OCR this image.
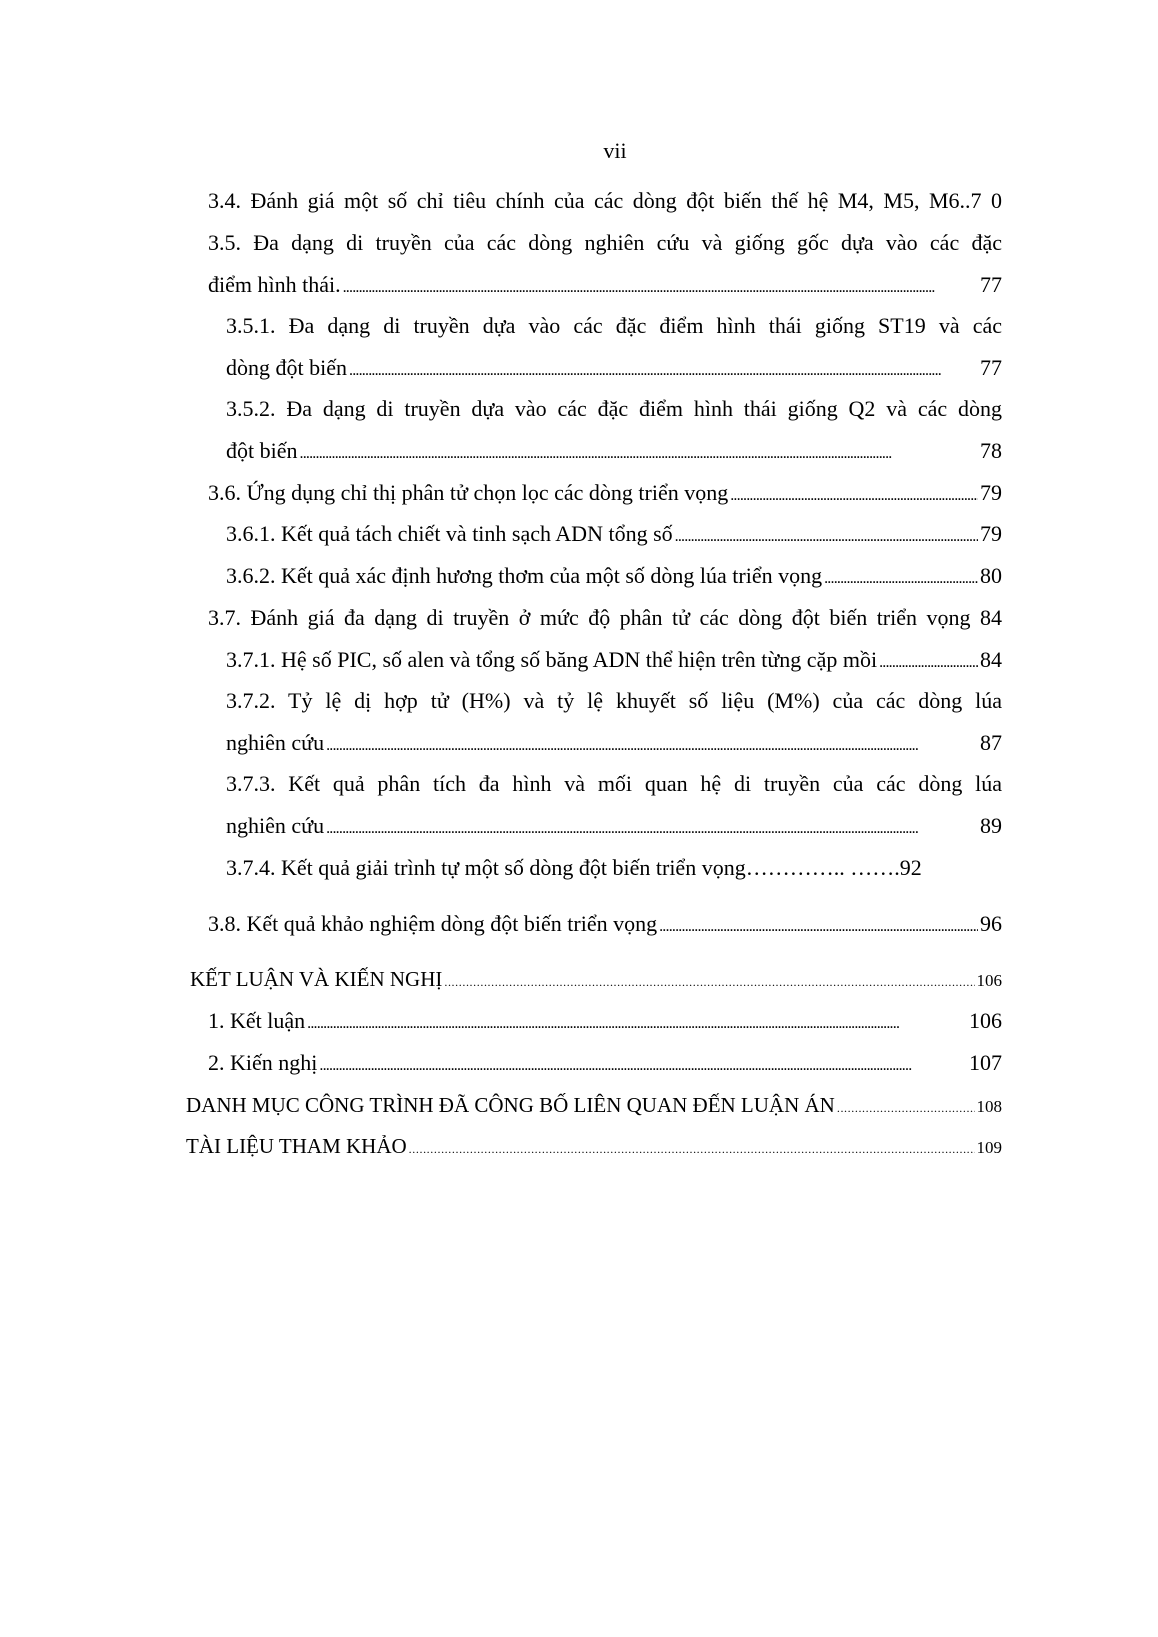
vii
3.4. Đánh giá một số chỉ tiêu chính của các dòng đột biến thế hệ M4, M5, M6..7 0
3.5. Đa dạng di truyền của các dòng nghiên cứu và giống gốc dựa vào các đặc
điểm hình thái. . . .	77
3.5.1. Đa dạng di truyền dựa vào các đặc điểm hình thái giống ST19 và các
dòng đột biến . . .	77
3.5.2. Đa dạng di truyền dựa vào các đặc điểm hình thái giống Q2 và các dòng
đột biến . . .	78
3.6. Ứng dụng chỉ thị phân tử chọn lọc các dòng triển vọng . . .	79
3.6.1. Kết quả tách chiết và tinh sạch ADN tổng số . . .	79
3.6.2. Kết quả xác định hương thơm của một số dòng lúa triển vọng . . .	80
3.7. Đánh giá đa dạng di truyền ở mức độ phân tử các dòng đột biến triển vọng 84
3.7.1. Hệ số PIC, số alen và tổng số băng ADN thể hiện trên từng cặp mồi . . .	84
3.7.2. Tỷ lệ dị hợp tử (H%) và tỷ lệ khuyết số liệu (M%) của các dòng lúa
nghiên cứu . . .	87
3.7.3. Kết quả phân tích đa hình và mối quan hệ di truyền của các dòng lúa
nghiên cứu . . .	89
3.7.4. Kết quả giải trình tự một số dòng đột biến triển vọng………….. …….92
3.8. Kết quả khảo nghiệm dòng đột biến triển vọng . . .	96
KẾT LUẬN VÀ KIẾN NGHỊ . . .	106
1. Kết luận . . .	106
2. Kiến nghị . . .	107
DANH MỤC CÔNG TRÌNH ĐÃ CÔNG BỐ LIÊN QUAN ĐẾN LUẬN ÁN . . .	108
TÀI LIỆU THAM KHẢO . . .	109
